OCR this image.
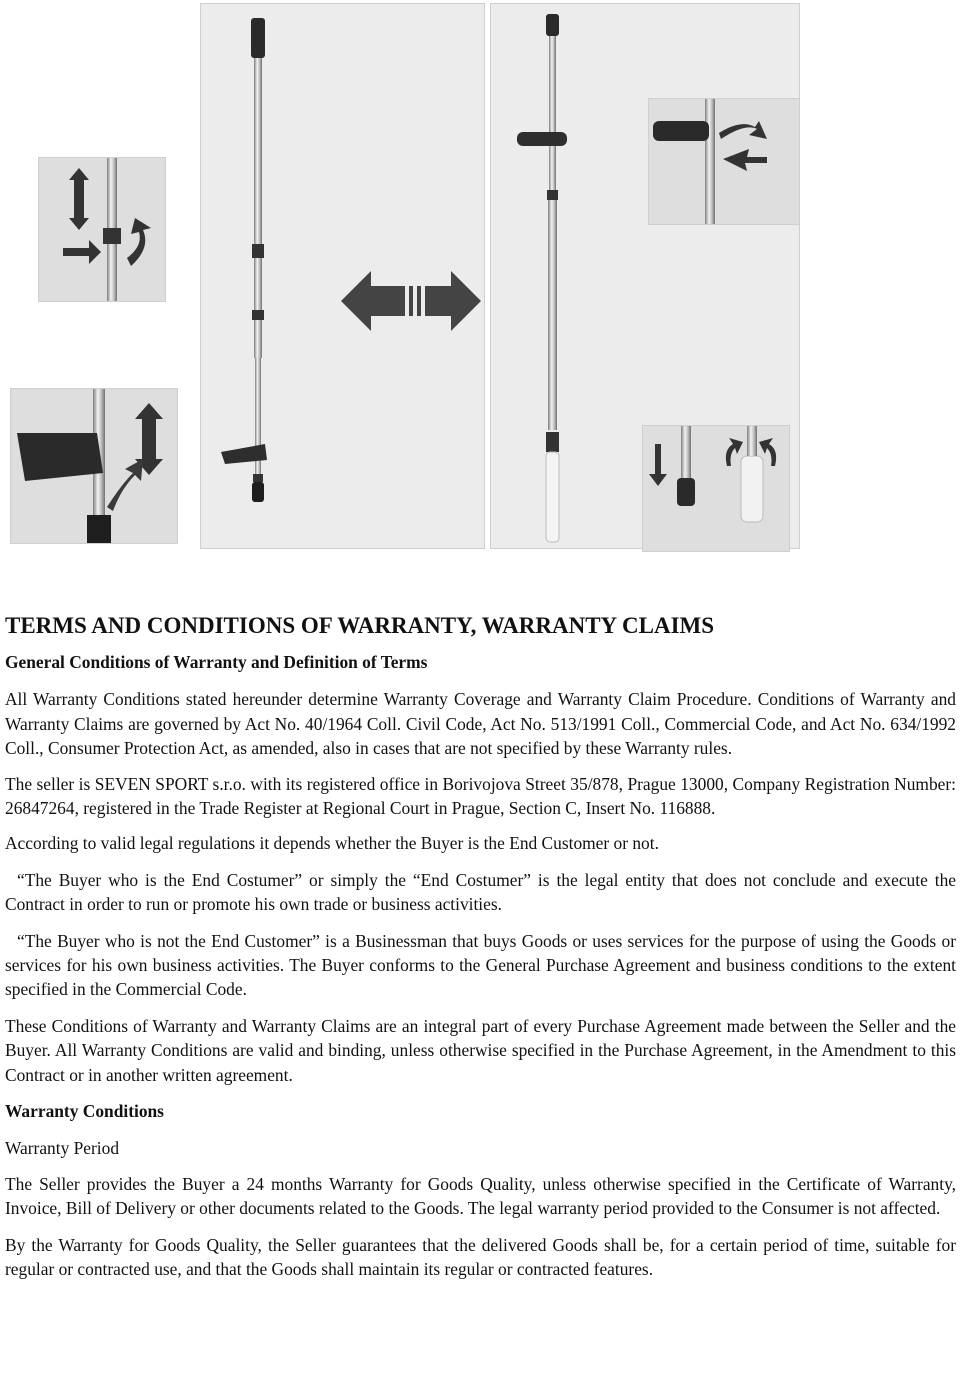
TERMS AND CONDITIONS OF WARRANTY, WARRANTY CLAIMS

General Conditions of Warranty and Definition of Terms

All Warranty Conditions stated hereunder determine Warranty Coverage and Warranty Claim Procedure. Conditions of Warranty and Warranty Claims are governed by Act No. 40/1964 Coll. Civil Code, Act No. 513/1991 Coll., Commercial Code, and Act No. 634/1992 Coll., Consumer Protection Act, as amended, also in cases that are not specified by these Warranty rules.

The seller is SEVEN SPORT s.r.o. with its registered office in Borivojova Street 35/878, Prague 13000, Company Registration Number: 26847264, registered in the Trade Register at Regional Court in Prague, Section C, Insert No. 116888.

According to valid legal regulations it depends whether the Buyer is the End Customer or not.

“The Buyer who is the End Costumer” or simply the “End Costumer” is the legal entity that does not conclude and execute the Contract in order to run or promote his own trade or business activities.

“The Buyer who is not the End Customer” is a Businessman that buys Goods or uses services for the purpose of using the Goods or services for his own business activities. The Buyer conforms to the General Purchase Agreement and business conditions to the extent specified in the Commercial Code.

These Conditions of Warranty and Warranty Claims are an integral part of every Purchase Agreement made between the Seller and the Buyer. All Warranty Conditions are valid and binding, unless otherwise specified in the Purchase Agreement, in the Amendment to this Contract or in another written agreement.

Warranty Conditions

Warranty Period

The Seller provides the Buyer a 24 months Warranty for Goods Quality, unless otherwise specified in the Certificate of Warranty, Invoice, Bill of Delivery or other documents related to the Goods. The legal warranty period provided to the Consumer is not affected.

By the Warranty for Goods Quality, the Seller guarantees that the delivered Goods shall be, for a certain period of time, suitable for regular or contracted use, and that the Goods shall maintain its regular or contracted features.
